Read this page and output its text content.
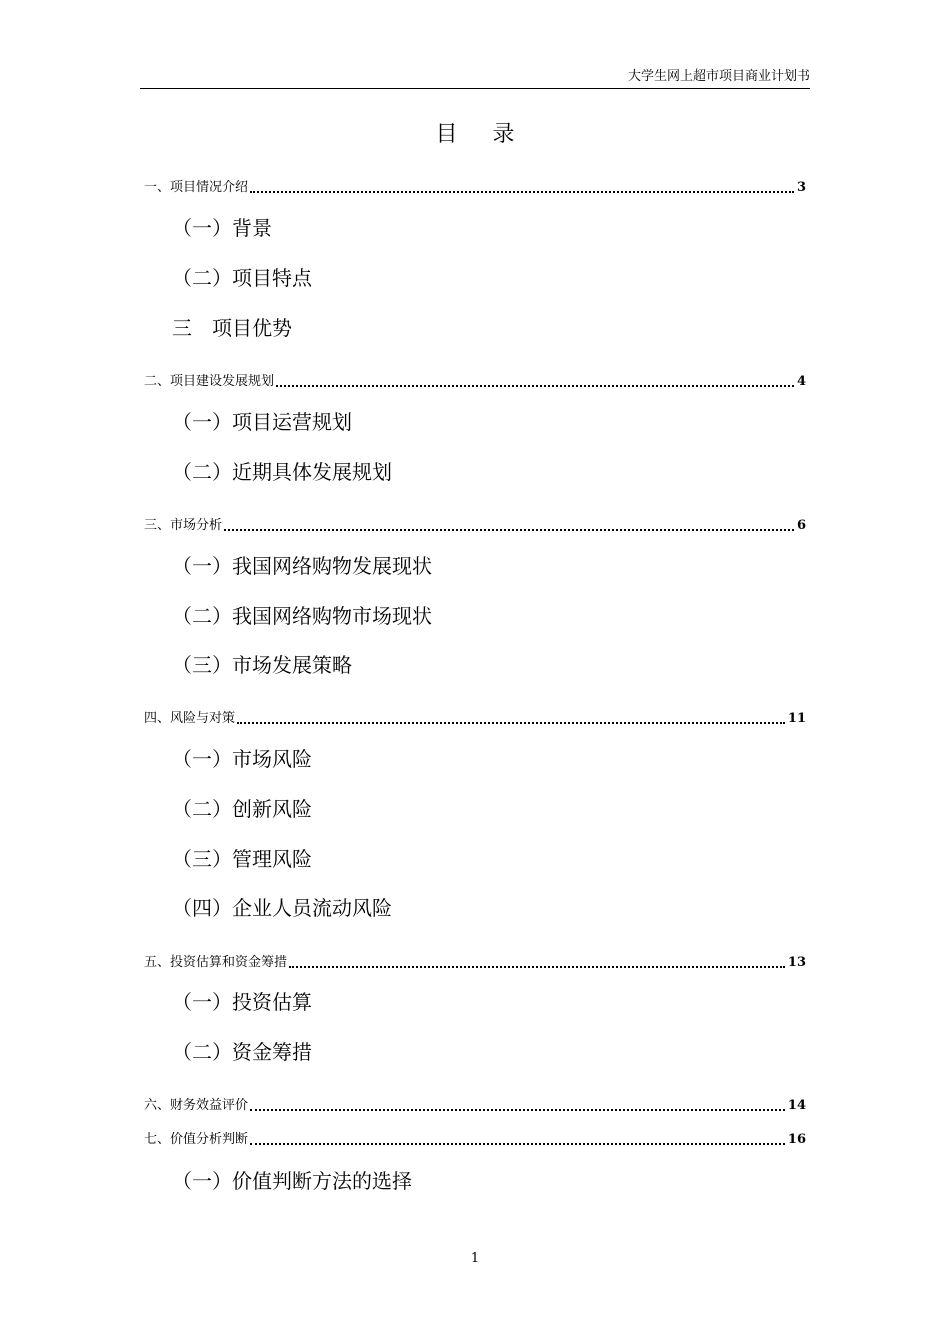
大学生网上超市项目商业计划书
目 录
一、项目情况介绍	3
（一）背景
（二）项目特点
三　项目优势
二、项目建设发展规划	4
（一）项目运营规划
（二）近期具体发展规划
三、市场分析	6
（一）我国网络购物发展现状
（二）我国网络购物市场现状
（三）市场发展策略
四、风险与对策	11
（一）市场风险
（二）创新风险
（三）管理风险
（四）企业人员流动风险
五、投资估算和资金筹措	13
（一）投资估算
（二）资金筹措
六、财务效益评价	14
七、价值分析判断	16
（一）价值判断方法的选择
1
